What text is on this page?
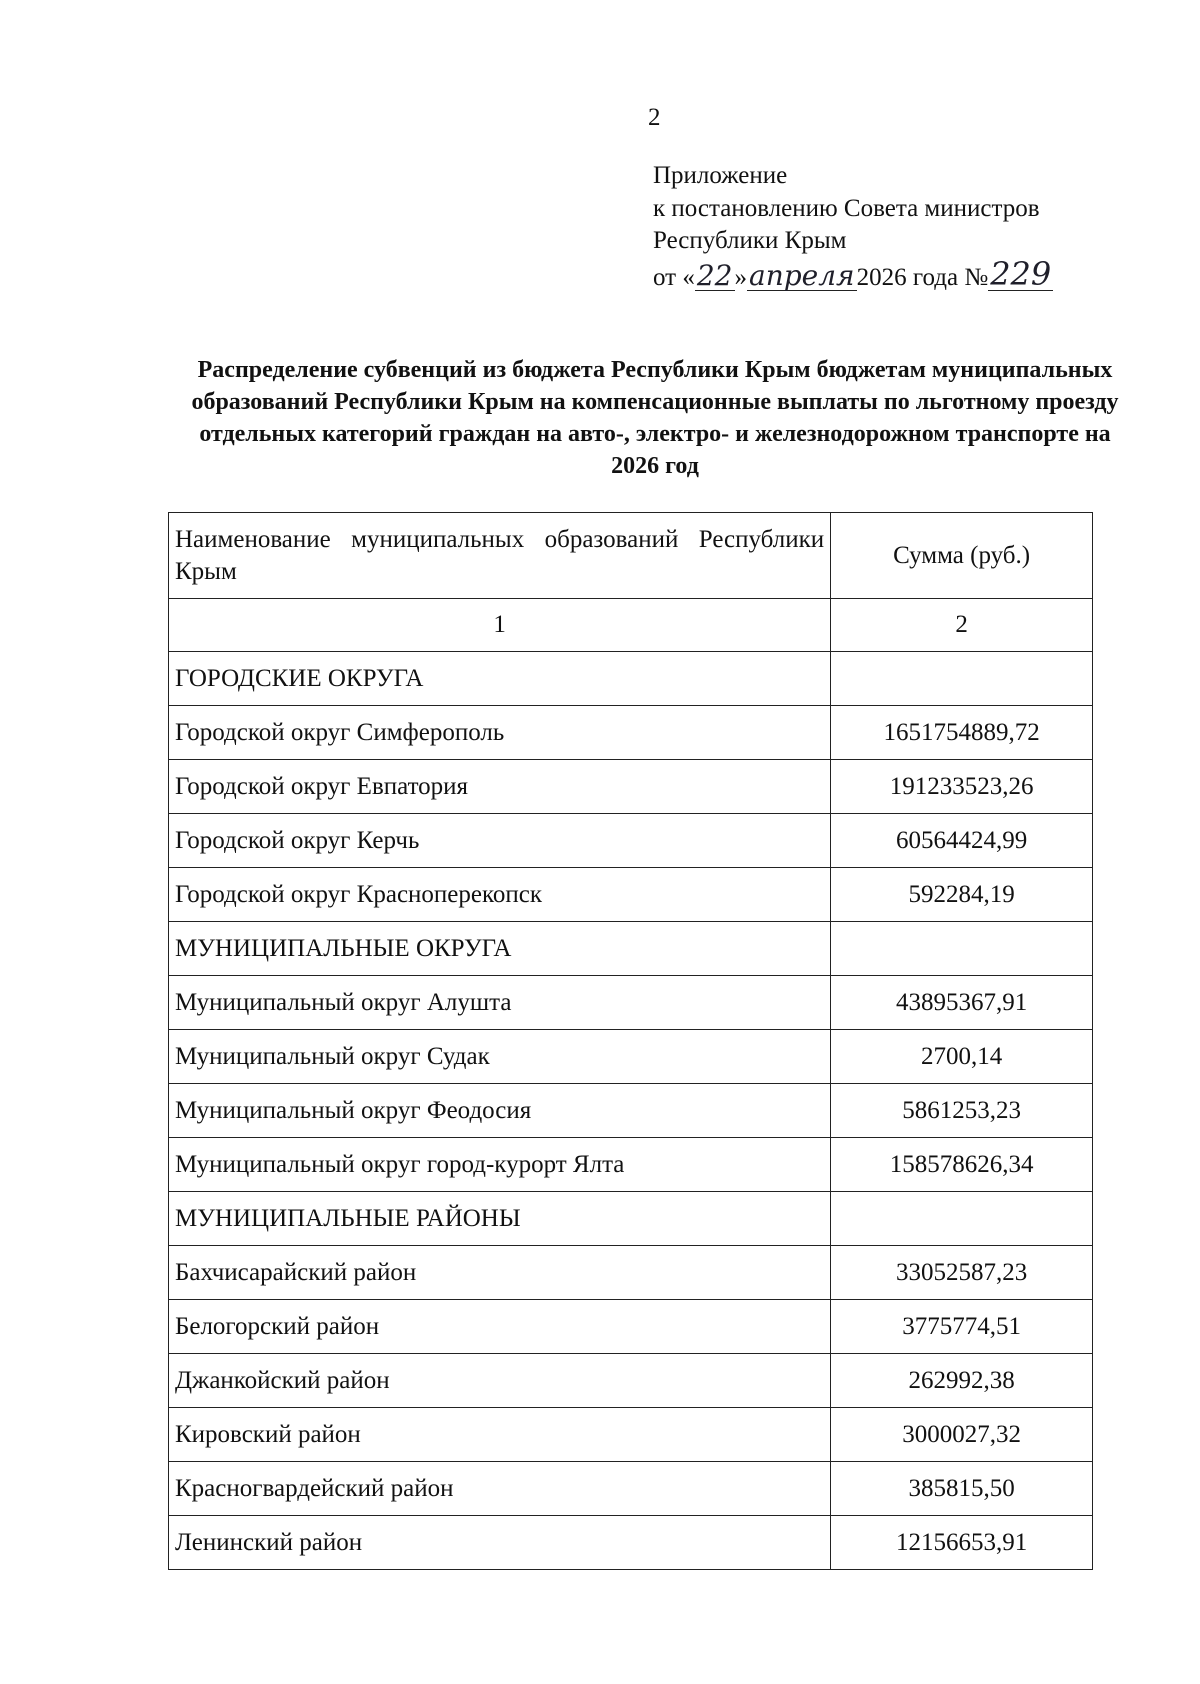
2
Приложение
к постановлению Совета министров
Республики Крым
от «22»апреля2026 года №229
Распределение субвенций из бюджета Республики Крым бюджетам муниципальных образований Республики Крым на компенсационные выплаты по льготному проезду отдельных категорий граждан на авто-, электро- и железнодорожном транспорте на 2026 год
Наименование муниципальных образований Республики Крым	Сумма (руб.)
1	2
ГОРОДСКИЕ ОКРУГА	
Городской округ Симферополь	1651754889,72
Городской округ Евпатория	191233523,26
Городской округ Керчь	60564424,99
Городской округ Красноперекопск	592284,19
МУНИЦИПАЛЬНЫЕ ОКРУГА	
Муниципальный округ Алушта	43895367,91
Муниципальный округ Судак	2700,14
Муниципальный округ Феодосия	5861253,23
Муниципальный округ город-курорт Ялта	158578626,34
МУНИЦИПАЛЬНЫЕ РАЙОНЫ	
Бахчисарайский район	33052587,23
Белогорский район	3775774,51
Джанкойский район	262992,38
Кировский район	3000027,32
Красногвардейский район	385815,50
Ленинский район	12156653,91
